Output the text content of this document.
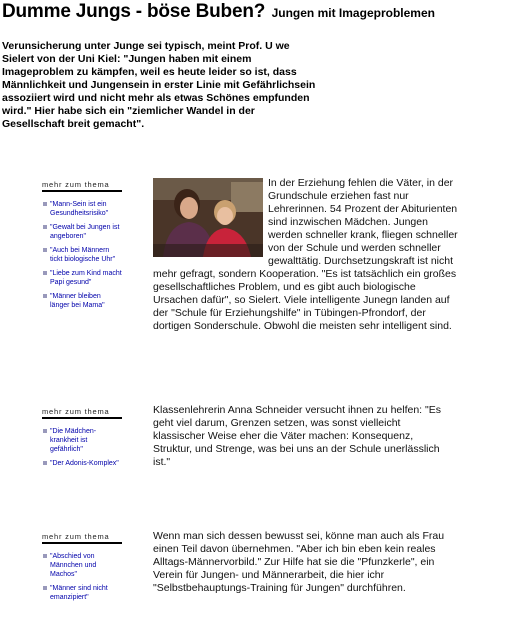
Dumme Jungs - böse Buben? Jungen mit Imageproblemen
Verunsicherung unter Junge sei typisch, meint Prof. U we Sielert von der Uni Kiel: "Jungen haben mit einem Imageproblem zu kämpfen, weil es heute leider so ist, dass Männlichkeit und Jungensein in erster Linie mit Gefährlichsein assoziiert wird und nicht mehr als etwas Schönes empfunden wird." Hier habe sich ein "ziemlicher Wandel in der Gesellschaft breit gemacht".
mehr zum thema
"Mann-Sein ist ein Gesundheitsrisiko"
"Gewalt bei Jungen ist angeboren"
"Auch bei Männern tickt biologische Uhr"
"Liebe zum Kind macht Papi gesund"
"Männer bleiben länger bei Mama"
mehr zum thema
"Die Mädchen-krankheit ist gefährlich"
"Der Adonis-Komplex"
mehr zum thema
"Abschied von Männchen und Machos"
"Männer sind nicht emanzipiert"
In der Erziehung fehlen die Väter, in der Grundschule erziehen fast nur Lehrerinnen. 54 Prozent der Abiturienten sind inzwischen Mädchen. Jungen werden schneller krank, fliegen schneller von der Schule und werden schneller gewalttätig. Durchsetzungskraft ist nicht mehr gefragt, sondern Kooperation. "Es ist tatsächlich ein großes gesellschaftliches Problem, und es gibt auch biologische Ursachen dafür", so Sielert. Viele intelligente Junegn landen auf der "Schule für Erziehungshilfe" in Tübingen-Pfrondorf, der dortigen Sonderschule. Obwohl die meisten sehr intelligent sind.
Klassenlehrerin Anna Schneider versucht ihnen zu helfen: "Es geht viel darum, Grenzen setzen, was sonst vielleicht klassischer Weise eher die Väter machen: Konsequenz, Struktur, und Strenge, was bei uns an der Schule unerlässlich ist."
Wenn man sich dessen bewusst sei, könne man auch als Frau einen Teil davon übernehmen. "Aber ich bin eben kein reales Alltags-Männervorbild." Zur Hilfe hat sie die "Pfunzkerle", ein Verein für Jungen- und Männerarbeit, die hier ichr "Selbstbehauptungs-Training für Jungen" durchführen.
